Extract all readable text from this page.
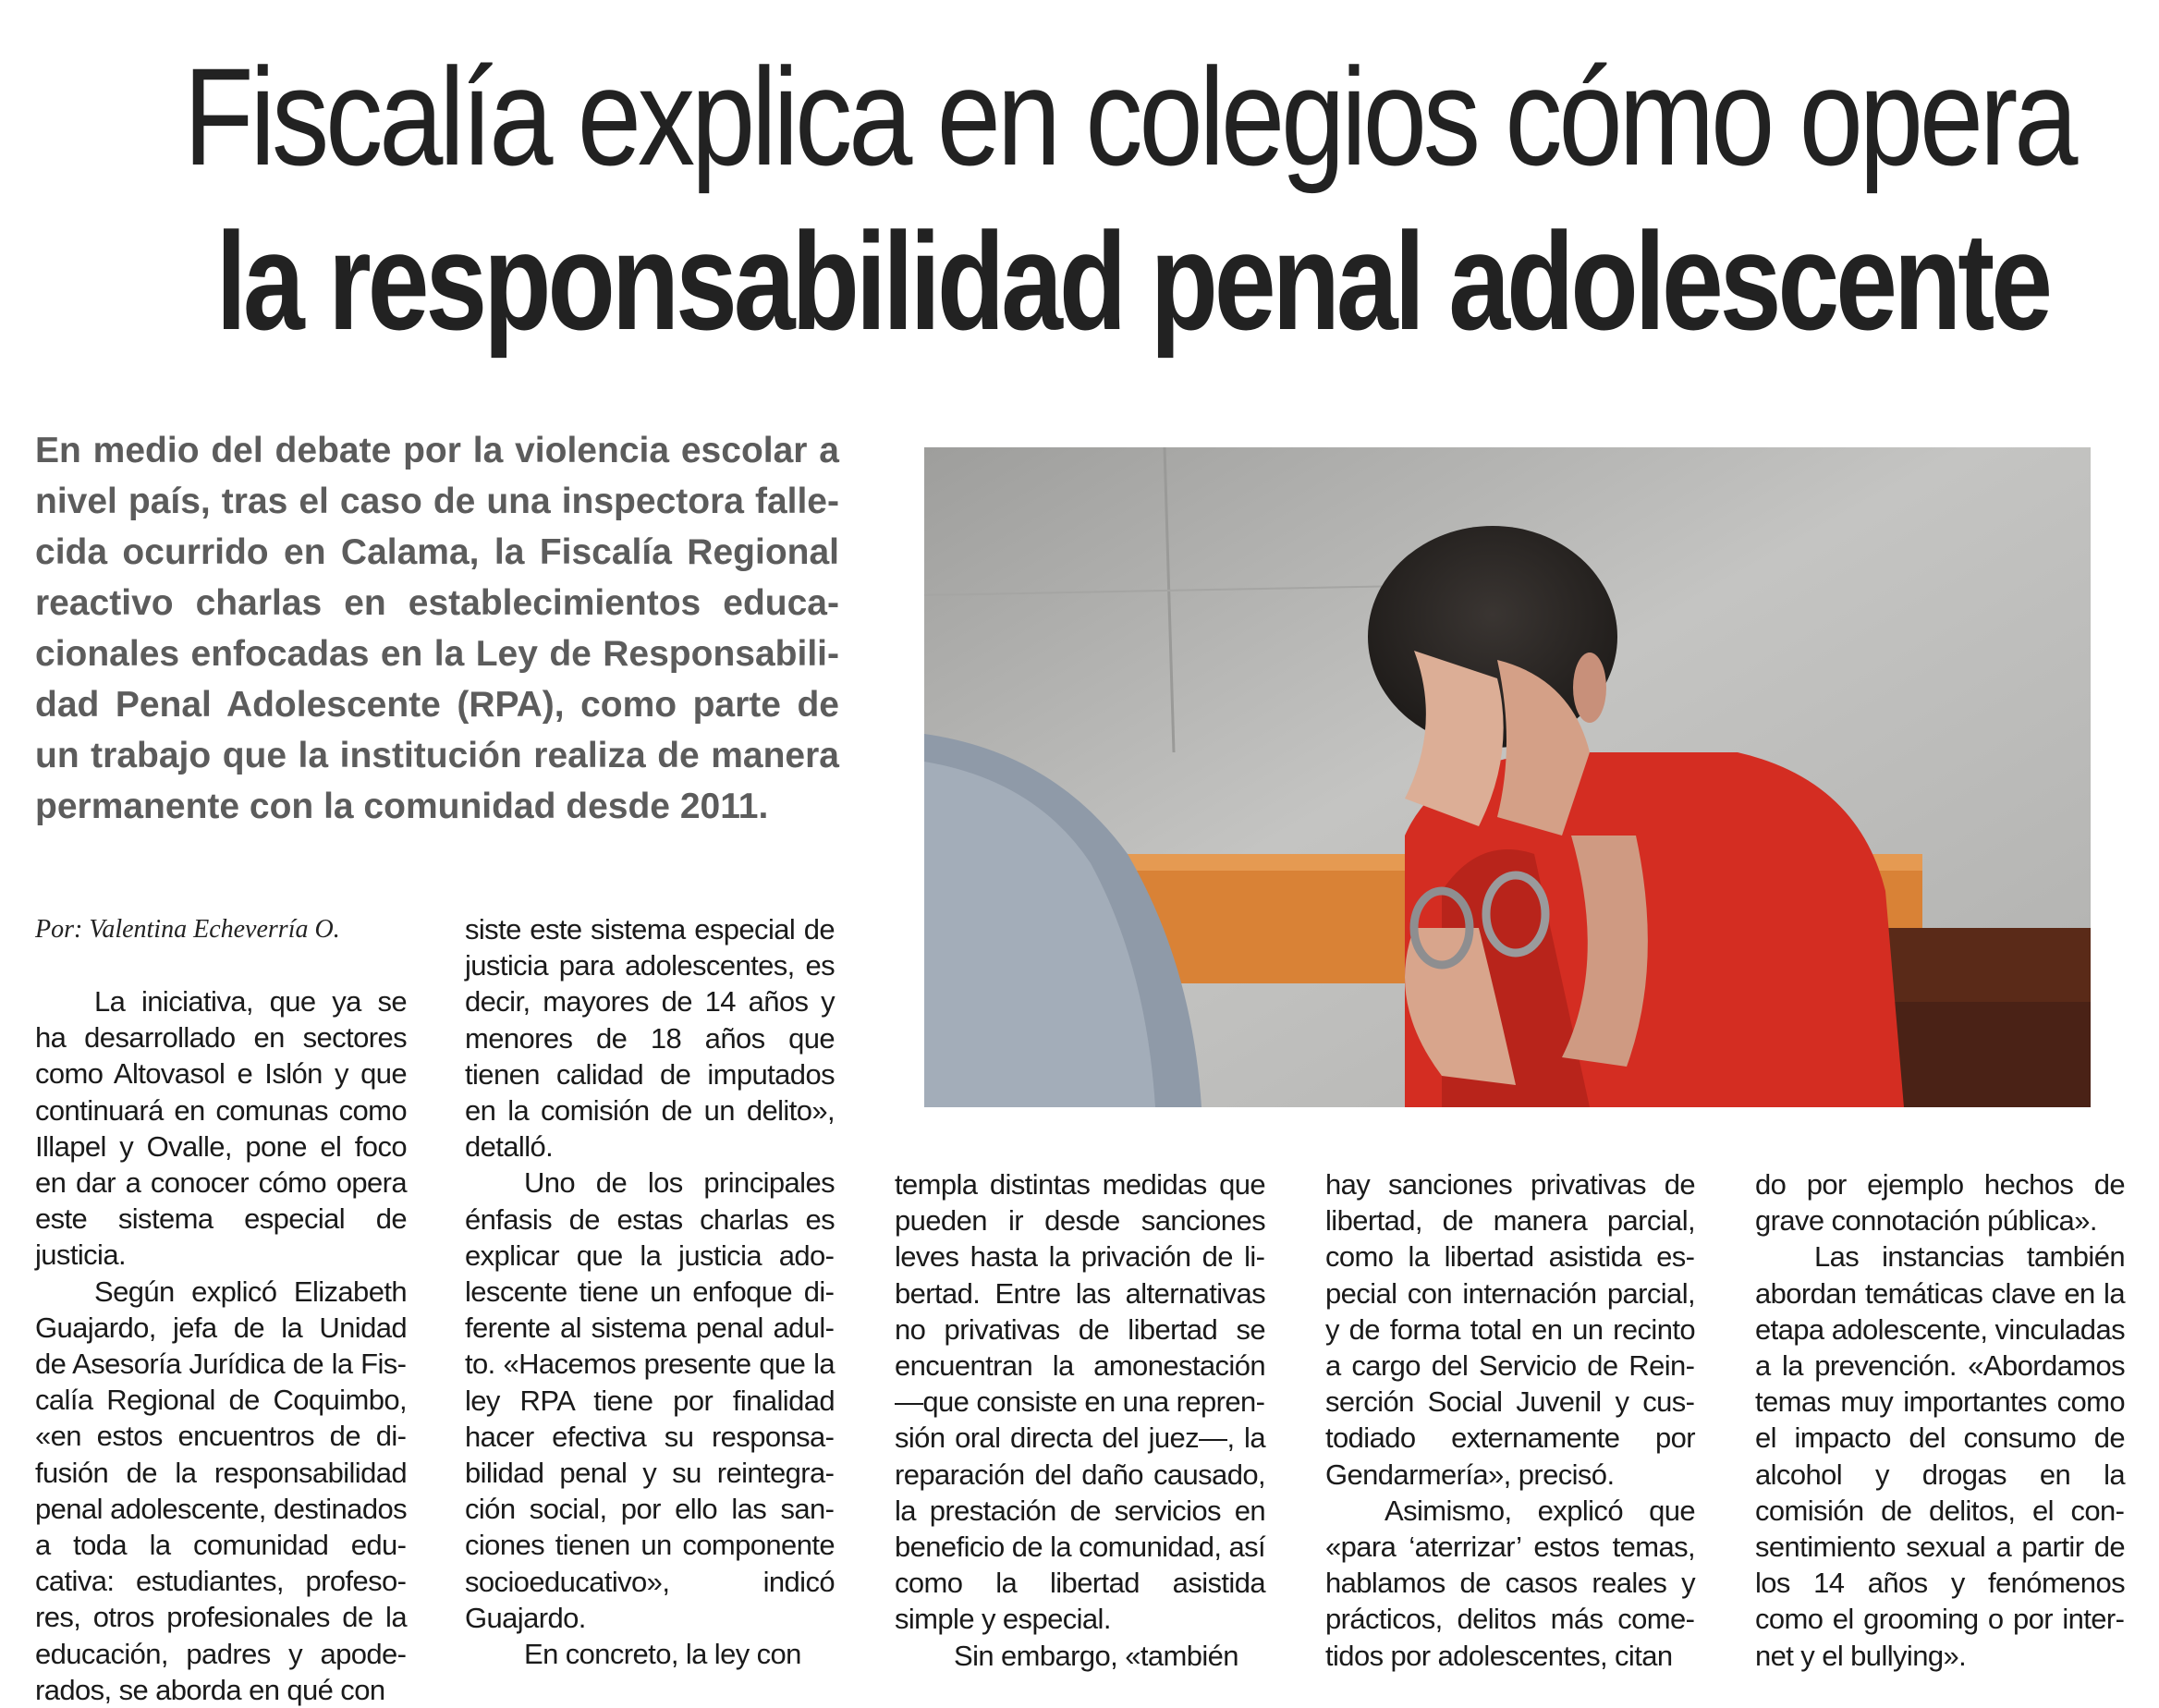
Fiscalía explica en colegios cómo opera
la responsabilidad penal adolescente

En medio del debate por la violencia escolar a nivel país, tras el caso de una inspectora fallecida ocurrido en Calama, la Fiscalía Regional reactivo charlas en establecimientos educacionales enfocadas en la Ley de Responsabilidad Penal Adolescente (RPA), como parte de un trabajo que la institución realiza de manera permanente con la comunidad desde 2011.

Por: Valentina Echeverría O.

La iniciativa, que ya se ha desarrollado en sectores como Altovasol e Islón y que continuará en comunas como Illapel y Ovalle, pone el foco en dar a conocer cómo opera este sistema especial de justicia.

Según explicó Elizabeth Guajardo, jefa de la Unidad de Asesoría Jurídica de la Fiscalía Regional de Coquimbo, «en estos encuentros de difusión de la responsabilidad penal adolescente, destinados a toda la comunidad educativa: estudiantes, profesores, otros profesionales de la educación, padres y apoderados, se aborda en qué con

siste este sistema especial de justicia para adolescentes, es decir, mayores de 14 años y menores de 18 años que tienen calidad de imputados en la comisión de un delito», detalló.

Uno de los principales énfasis de estas charlas es explicar que la justicia adolescente tiene un enfoque diferente al sistema penal adulto. «Hacemos presente que la ley RPA tiene por finalidad hacer efectiva su responsabilidad penal y su reintegración social, por ello las sanciones tienen un componente socioeducativo», indicó Guajardo.

En concreto, la ley con

templa distintas medidas que pueden ir desde sanciones leves hasta la privación de libertad. Entre las alternativas no privativas de libertad se encuentran la amonestación —que consiste en una reprensión oral directa del juez—, la reparación del daño causado, la prestación de servicios en beneficio de la comunidad, así como la libertad asistida simple y especial.

Sin embargo, «también

hay sanciones privativas de libertad, de manera parcial, como la libertad asistida especial con internación parcial, y de forma total en un recinto a cargo del Servicio de Reinserción Social Juvenil y custodiado externamente por Gendarmería», precisó.

Asimismo, explicó que «para ‘aterrizar’ estos temas, hablamos de casos reales y prácticos, delitos más cometidos por adolescentes, citan

do por ejemplo hechos de grave connotación pública».

Las instancias también abordan temáticas clave en la etapa adolescente, vinculadas a la prevención. «Abordamos temas muy importantes como el impacto del consumo de alcohol y drogas en la comisión de delitos, el consentimiento sexual a partir de los 14 años y fenómenos como el grooming o por internet y el bullying».
